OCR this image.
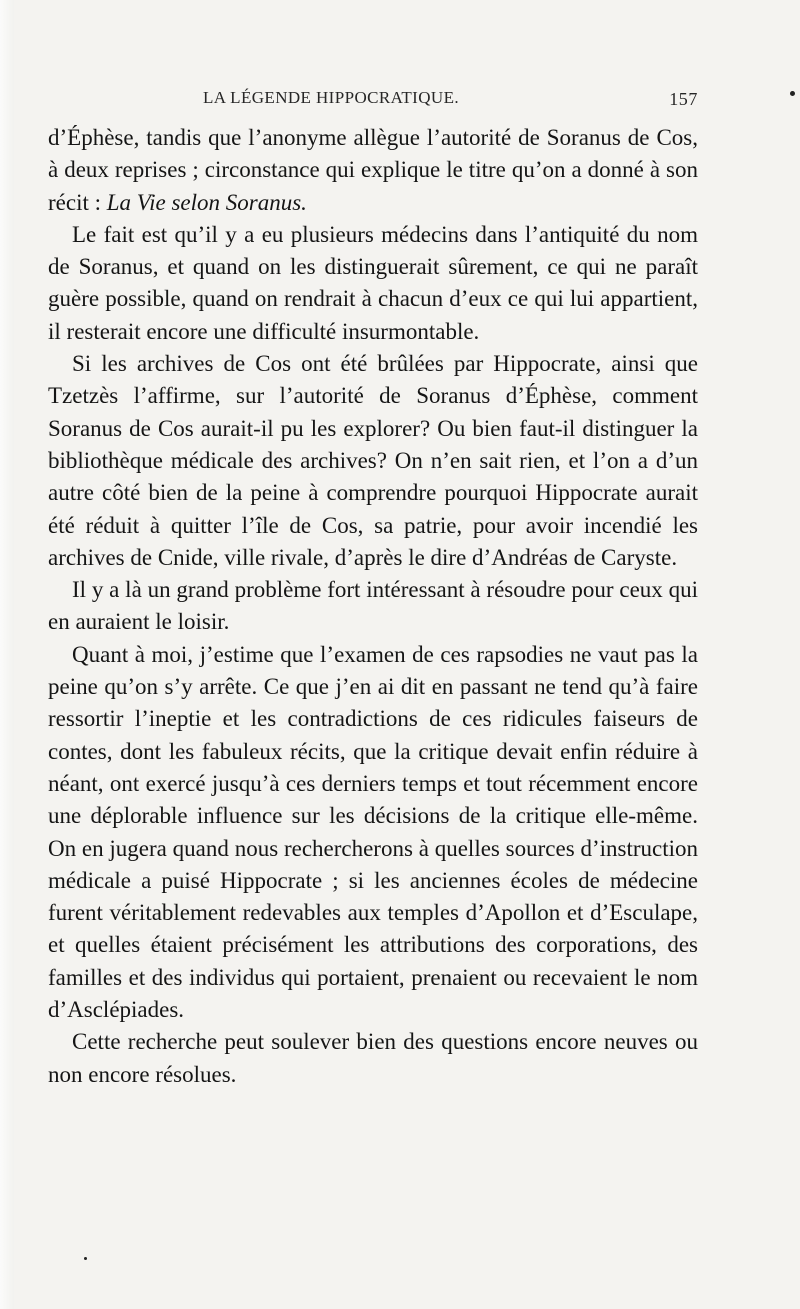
LA LÉGENDE HIPPOCRATIQUE.	157

d’Éphèse, tandis que l’anonyme allègue l’autorité de Soranus de Cos, à deux reprises ; circonstance qui explique le titre qu’on a donné à son récit : La Vie selon Soranus.

Le fait est qu’il y a eu plusieurs médecins dans l’antiquité du nom de Soranus, et quand on les distinguerait sûrement, ce qui ne paraît guère possible, quand on rendrait à chacun d’eux ce qui lui appartient, il resterait encore une difficulté insurmontable.

Si les archives de Cos ont été brûlées par Hippocrate, ainsi que Tzetzès l’affirme, sur l’autorité de Soranus d’Éphèse, comment Soranus de Cos aurait-il pu les explorer? Ou bien faut-il distinguer la bibliothèque médicale des archives? On n’en sait rien, et l’on a d’un autre côté bien de la peine à comprendre pourquoi Hippocrate aurait été réduit à quitter l’île de Cos, sa patrie, pour avoir incendié les archives de Cnide, ville rivale, d’après le dire d’Andréas de Caryste.

Il y a là un grand problème fort intéressant à résoudre pour ceux qui en auraient le loisir.

Quant à moi, j’estime que l’examen de ces rapsodies ne vaut pas la peine qu’on s’y arrête. Ce que j’en ai dit en passant ne tend qu’à faire ressortir l’ineptie et les contradictions de ces ridicules faiseurs de contes, dont les fabuleux récits, que la critique devait enfin réduire à néant, ont exercé jusqu’à ces derniers temps et tout récemment encore une déplorable influence sur les décisions de la critique elle-même. On en jugera quand nous rechercherons à quelles sources d’instruction médicale a puisé Hippocrate ; si les anciennes écoles de médecine furent véritablement redevables aux temples d’Apollon et d’Esculape, et quelles étaient précisément les attributions des corporations, des familles et des individus qui portaient, prenaient ou recevaient le nom d’Asclépiades.

Cette recherche peut soulever bien des questions encore neuves ou non encore résolues.
